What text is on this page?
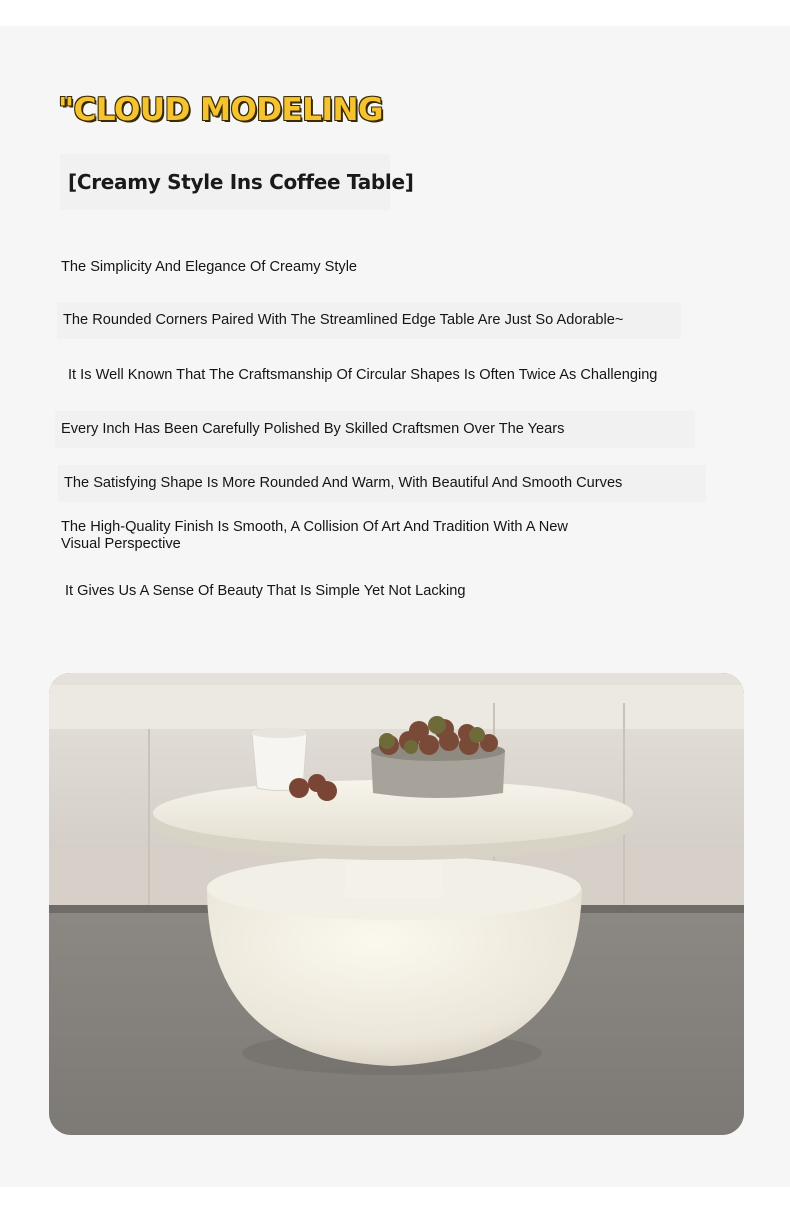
"CLOUD MODELING
[Creamy Style Ins Coffee Table]
The Simplicity And Elegance Of Creamy Style
The Rounded Corners Paired With The Streamlined Edge Table Are Just So Adorable~
It Is Well Known That The Craftsmanship Of Circular Shapes Is Often Twice As Challenging
Every Inch Has Been Carefully Polished By Skilled Craftsmen Over The Years
The Satisfying Shape Is More Rounded And Warm, With Beautiful And Smooth Curves
The High-Quality Finish Is Smooth, A Collision Of Art And Tradition With A New Visual Perspective
It Gives Us A Sense Of Beauty That Is Simple Yet Not Lacking
